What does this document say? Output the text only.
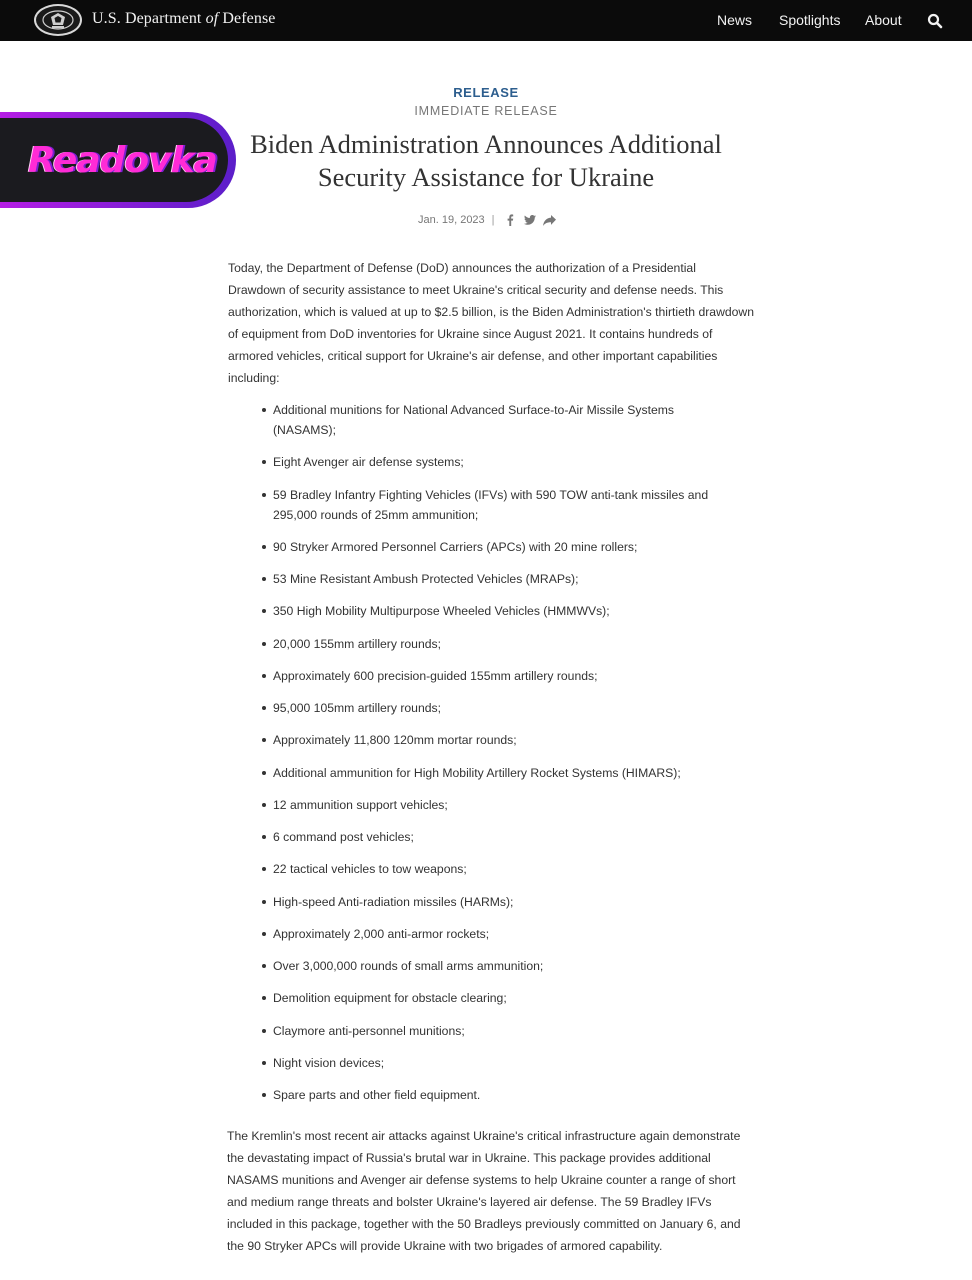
U.S. Department of Defense	News Spotlights About
RELEASE
IMMEDIATE RELEASE
Biden Administration Announces Additional
Security Assistance for Ukraine
Jan. 19, 2023 |
Readovka

Today, the Department of Defense (DoD) announces the authorization of a Presidential Drawdown of security assistance to meet Ukraine's critical security and defense needs. This authorization, which is valued at up to $2.5 billion, is the Biden Administration's thirtieth drawdown of equipment from DoD inventories for Ukraine since August 2021. It contains hundreds of armored vehicles, critical support for Ukraine's air defense, and other important capabilities including:

Additional munitions for National Advanced Surface-to-Air Missile Systems (NASAMS);
Eight Avenger air defense systems;
59 Bradley Infantry Fighting Vehicles (IFVs) with 590 TOW anti-tank missiles and 295,000 rounds of 25mm ammunition;
90 Stryker Armored Personnel Carriers (APCs) with 20 mine rollers;
53 Mine Resistant Ambush Protected Vehicles (MRAPs);
350 High Mobility Multipurpose Wheeled Vehicles (HMMWVs);
20,000 155mm artillery rounds;
Approximately 600 precision-guided 155mm artillery rounds;
95,000 105mm artillery rounds;
Approximately 11,800 120mm mortar rounds;
Additional ammunition for High Mobility Artillery Rocket Systems (HIMARS);
12 ammunition support vehicles;
6 command post vehicles;
22 tactical vehicles to tow weapons;
High-speed Anti-radiation missiles (HARMs);
Approximately 2,000 anti-armor rockets;
Over 3,000,000 rounds of small arms ammunition;
Demolition equipment for obstacle clearing;
Claymore anti-personnel munitions;
Night vision devices;
Spare parts and other field equipment.

The Kremlin's most recent air attacks against Ukraine's critical infrastructure again demonstrate the devastating impact of Russia's brutal war in Ukraine. This package provides additional NASAMS munitions and Avenger air defense systems to help Ukraine counter a range of short and medium range threats and bolster Ukraine's layered air defense. The 59 Bradley IFVs included in this package, together with the 50 Bradleys previously committed on January 6, and the 90 Stryker APCs will provide Ukraine with two brigades of armored capability.
